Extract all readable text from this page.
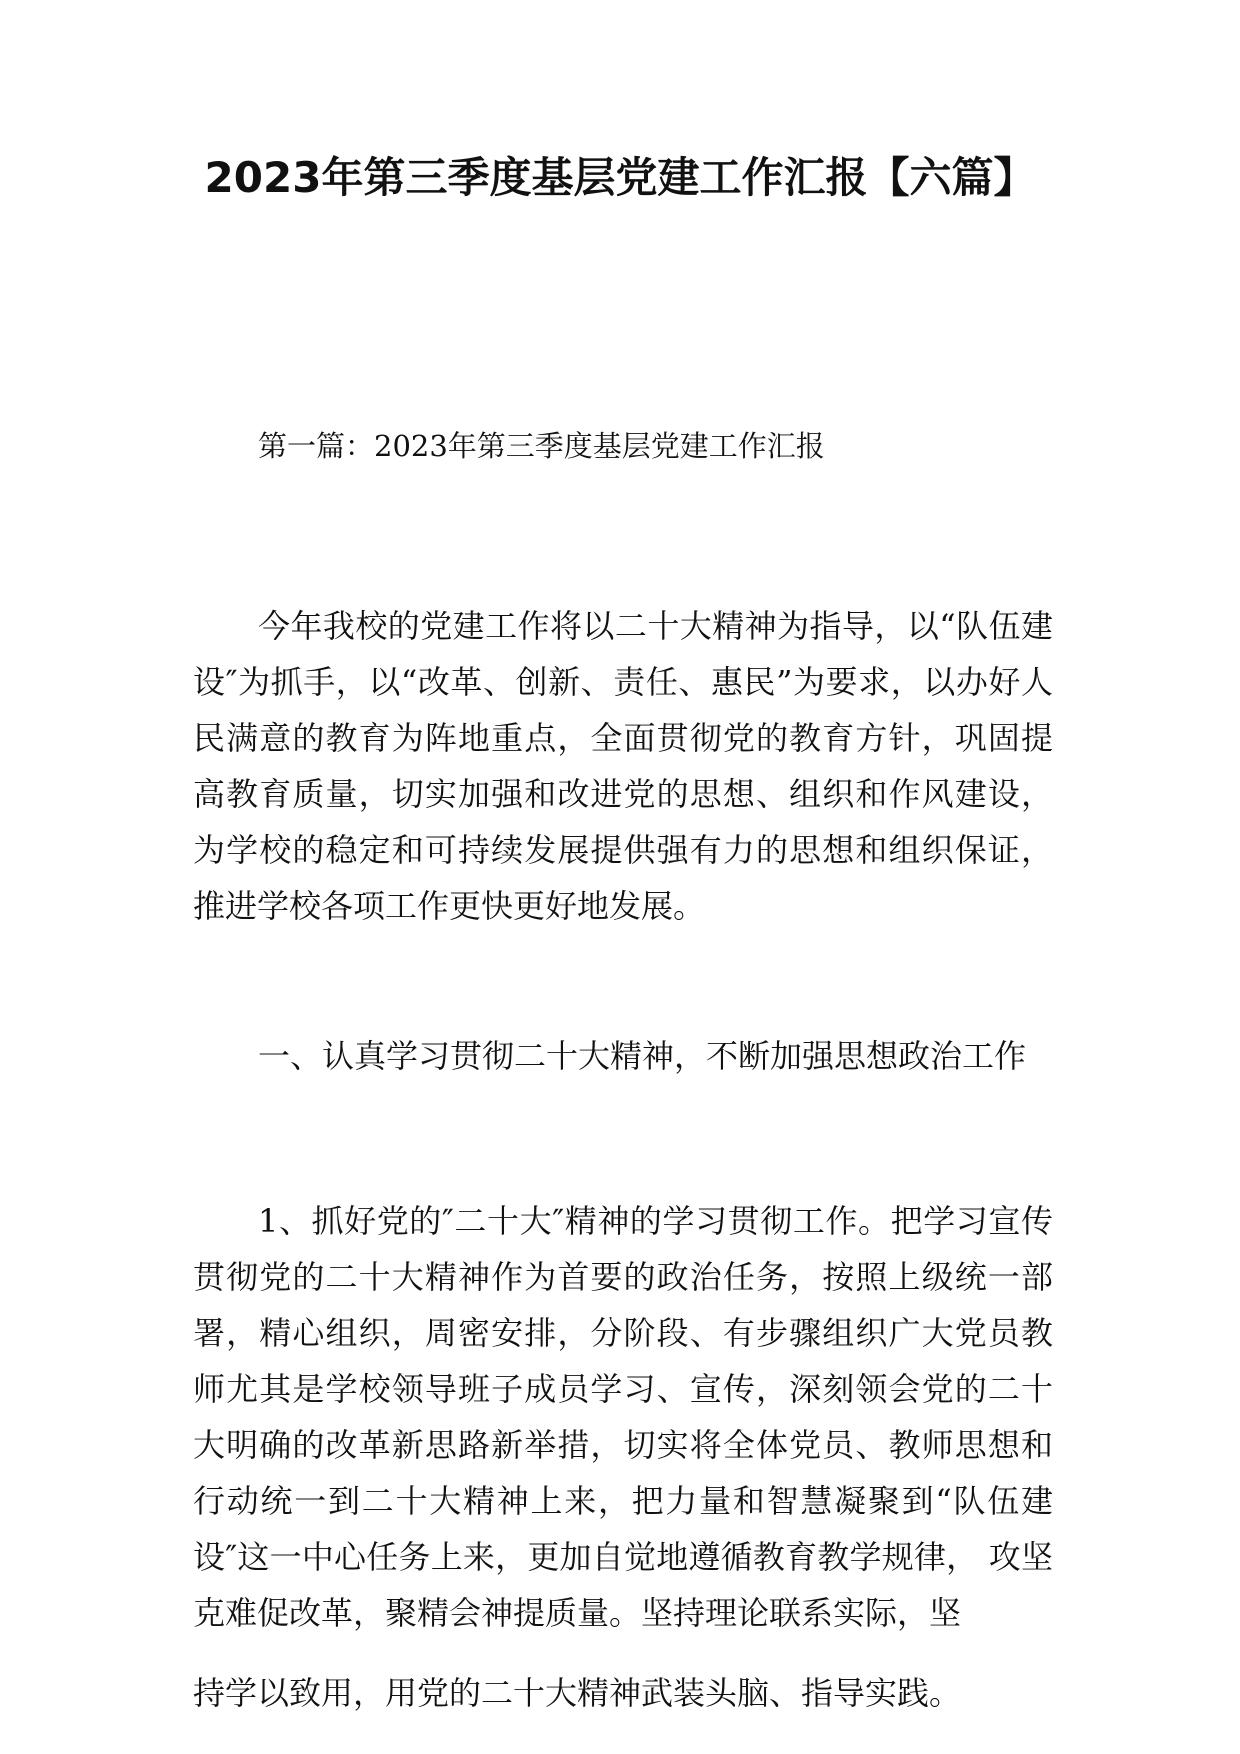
2023年第三季度基层党建工作汇报【六篇】

第一篇：2023年第三季度基层党建工作汇报

今年我校的党建工作将以二十大精神为指导，以“队伍建设″为抓手，以“改革、创新、责任、惠民”为要求，以办好人民满意的教育为阵地重点，全面贯彻党的教育方针，巩固提高教育质量，切实加强和改进党的思想、组织和作风建设，为学校的稳定和可持续发展提供强有力的思想和组织保证，推进学校各项工作更快更好地发展。

一、认真学习贯彻二十大精神，不断加强思想政治工作

1、抓好党的″二十大″精神的学习贯彻工作。把学习宣传贯彻党的二十大精神作为首要的政治任务，按照上级统一部署，精心组织，周密安排，分阶段、有步骤组织广大党员教师尤其是学校领导班子成员学习、宣传，深刻领会党的二十大明确的改革新思路新举措，切实将全体党员、教师思想和行动统一到二十大精神上来，把力量和智慧凝聚到“队伍建设″这一中心任务上来，更加自觉地遵循教育教学规律， 攻坚克难促改革，聚精会神提质量。坚持理论联系实际，坚

持学以致用，用党的二十大精神武装头脑、指导实践。
